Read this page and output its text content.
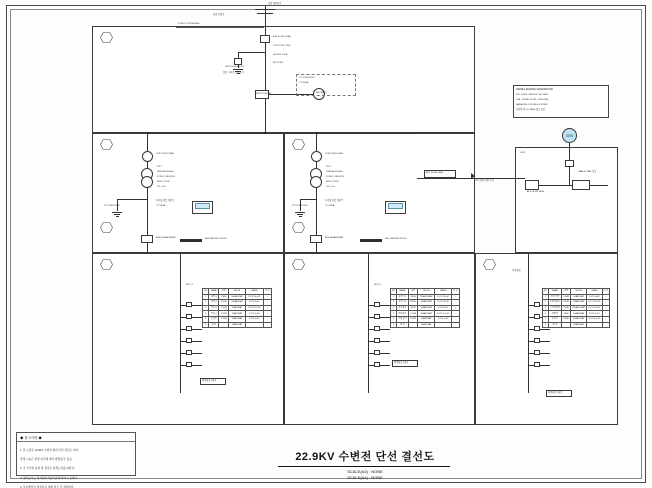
한전 배전선로
한전 인입선
22.9kV-Y 3¢ 4W 60Hz
ASS 22.9kV 200A
COS 22.9kV 13kV
LA 18kV 2.5kA
PF 22.9kV
CNCV-W 60SQ×3C
접지 : 제1종 접지공사
MOF 22.9kV 3¢	WH 계량기
PT 22.9kV/110V
CT 50/5A
DIESEL ENGINE GENERATOR
KW : 60KW  380/220V  AC 60HZ
KVA : 75KVA  3¢ 4W  1,800 RPM
RADIATOR COOLING SYSTEM
운전반 및 OIL TANK 별도 포함
GEN
G 3¢
ATS 3¢ 4W 400A
CABLE TRAY 설치
TR 2차측 저압 간선
VCB 22.9kV 630A
TR-1
300KVA 3¢ 60Hz
22.9kV / 380-220V
MOLD TYPE
%Z = 5%
PT 22.9kV/110V
디지털 복합 계전기
CT 50/5A
ACB 1000AF/800AT	BUS 380/220V 3¢ 4W
VCB 22.9kV 630A
TR-2
200KVA 3¢ 60Hz
22.9kV / 380-220V
MOLD TYPE
%Z = 5%
PT 22.9kV/110V
디지털 복합 계전기
CT 50/5A
ACB 800AF/630AT	BUS 380/220V 3¢ 4W
ATS 3¢ 4W 400A
MCC-1
예비회로 2회로
NO	NAME	용량	MCCB	CABLE	비 고
1	동력-1	15kW	100AF/50AT	F-CV 14×4C	-
2	동력-2	11kW	100AF/40AT	F-CV 8×4C	-
3	전등-1	7.5kW	50AF/30AT	F-CV 5.5×4C	-
4	전등-2	5.5kW	50AF/30AT	F-CV 4×4C	-
5	콘센트	3.7kW	50AF/20AT	F-CV 4×4C	-
6	예 비	-	50AF/20AT	-	-
MCC-2
예비회로 2회로
NO	NAME	용량	MCCB	CABLE	비 고
1	공조기-1	22kW	225AF/100AT	F-CV 22×4C	-
2	공조기-2	15kW	100AF/75AT	F-CV 14×4C	-
3	급수펌프	11kW	100AF/50AT	F-CV 8×4C	-
4	배수펌프	7.5kW	100AF/40AT	F-CV 5.5×4C	-
5	소방설비	5.5kW	50AF/30AT	F-CV 4×4C	-
6	예 비	-	50AF/20AT	-	-
비상전원
예비회로 2회로
NO	NAME	용량	MCCB	CABLE	비 고
1	비상조명	5.5kW	50AF/30AT	F-CV 4×4C	-
2	소화전펌프	15kW	100AF/75AT	F-CV 14×4C	-
3	스프링클러	22kW	225AF/100AT	F-CV 22×4C	-
4	제연팬	11kW	100AF/50AT	F-CV 8×4C	-
5	승강기	15kW	100AF/75AT	F-CV 14×4C	-
6	예 비	-	50AF/20AT	-	-
◆ 참고사항 ◆

1. 본 도면은 22.9kV 수변전 설비 단선 결선도 이며,

상세 시공은 현장 여건에 따라 변경될 수 있음.

2. 각 기기의 용량 및 정격은 설계도서를 따른다.

3. 접지공사는 전기설비기술기준에 의거 시공한다.

4. 보호계전기 정정값은 계통 검토 후 결정한다.

22.9KV 수변전 단선 결선도
SCALE(A3) : NONE
SCALE(A4) : NONE
